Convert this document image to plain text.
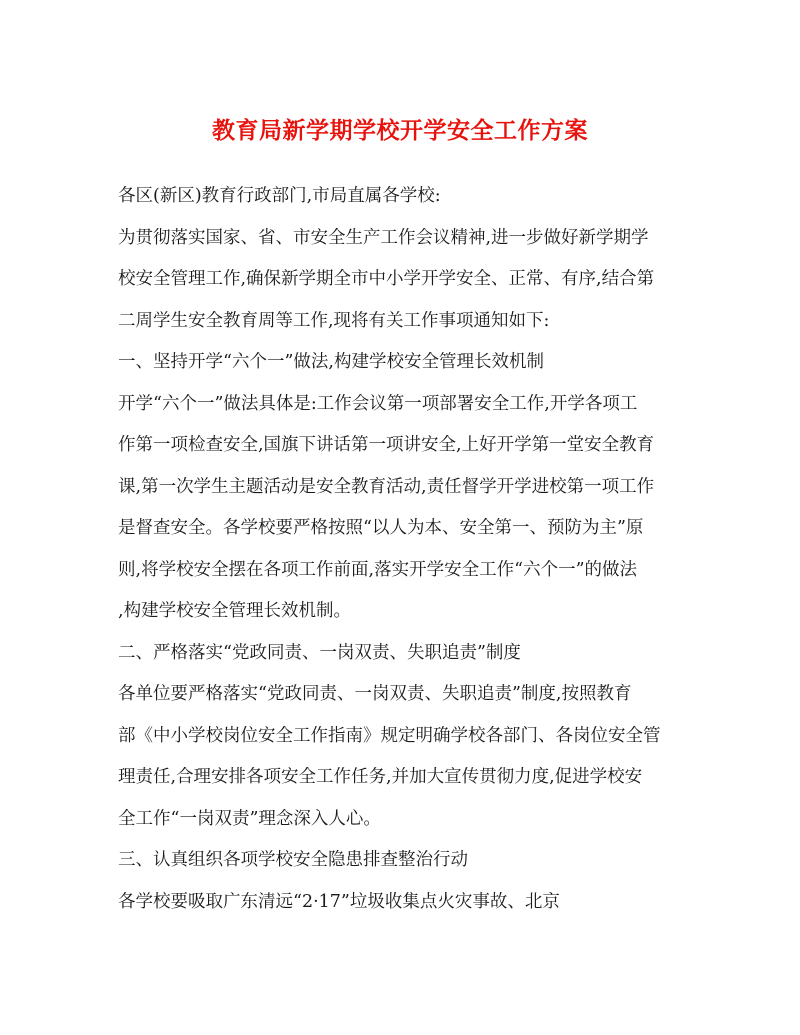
教育局新学期学校开学安全工作方案
各区(新区)教育行政部门,市局直属各学校:
为贯彻落实国家、省、市安全生产工作会议精神,进一步做好新学期学
校安全管理工作,确保新学期全市中小学开学安全、正常、有序,结合第
二周学生安全教育周等工作,现将有关工作事项通知如下:
一、坚持开学“六个一”做法,构建学校安全管理长效机制
开学“六个一”做法具体是:工作会议第一项部署安全工作,开学各项工
作第一项检查安全,国旗下讲话第一项讲安全,上好开学第一堂安全教育
课,第一次学生主题活动是安全教育活动,责任督学开学进校第一项工作
是督查安全。各学校要严格按照“以人为本、安全第一、预防为主”原
则,将学校安全摆在各项工作前面,落实开学安全工作“六个一”的做法
,构建学校安全管理长效机制。
二、严格落实“党政同责、一岗双责、失职追责”制度
各单位要严格落实“党政同责、一岗双责、失职追责”制度,按照教育
部《中小学校岗位安全工作指南》规定明确学校各部门、各岗位安全管
理责任,合理安排各项安全工作任务,并加大宣传贯彻力度,促进学校安
全工作“一岗双责”理念深入人心。
三、认真组织各项学校安全隐患排查整治行动
各学校要吸取广东清远“2·17”垃圾收集点火灾事故、北京
